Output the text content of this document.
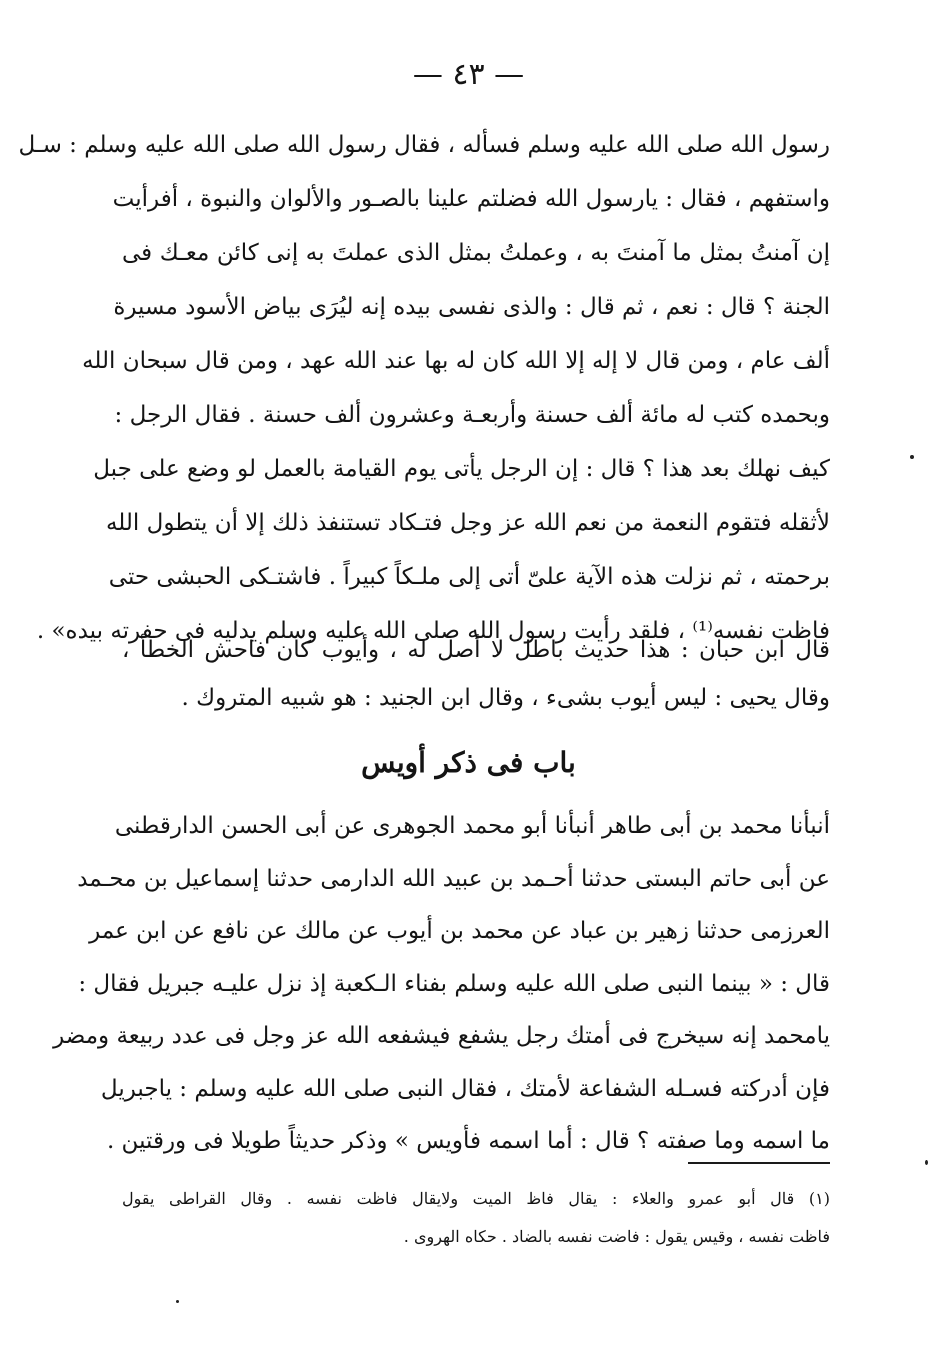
— ٤٣ —
رسول الله صلى الله عليه وسلم فسأله ، فقال رسول الله صلى الله عليه وسلم : سـل
واستفهم ، فقال : يارسول الله فضلتم علينا بالصـور والألوان والنبوة ، أفرأيت
إن آمنتُ بمثل ما آمنتَ به ، وعملتُ بمثل الذى عملتَ به إنى كائن معـك فى
الجنة ؟ قال : نعم ، ثم قال : والذى نفسى بيده إنه ليُرَى بياض الأسود مسيرة
ألف عام ، ومن قال لا إله إلا الله كان له بها عند الله عهد ، ومن قال سبحان الله
وبحمده كتب له مائة ألف حسنة وأربعـة وعشرون ألف حسنة . فقال الرجل :
كيف نهلك بعد هذا ؟ قال : إن الرجل يأتى يوم القيامة بالعمل لو وضع على جبل
لأثقله فتقوم النعمة من نعم الله عز وجل فتـكاد تستنفذ ذلك إلا أن يتطول الله
برحمته ، ثم نزلت هذه الآية علىّ أتى إلى ملـكاً كبيراً . فاشتـكى الحبشى حتى
فاظت نفسه⁽¹⁾ ، فلقد رأيت رسول الله صلى الله عليه وسلم يدليه فى حفرته بيده» .
قال ابن حبان : هذا حديث باطل لا أصل له ، وأيوب كان فاحش الخطأ ،
وقال يحيى : ليس أيوب بشىء ، وقال ابن الجنيد : هو شبيه المتروك .
باب فى ذكر أويس
أنبأنا محمد بن أبى طاهر أنبأنا أبو محمد الجوهرى عن أبى الحسن الدارقطنى
عن أبى حاتم البستى حدثنا أحـمد بن عبيد الله الدارمى حدثنا إسماعيل بن محـمد
العرزمى حدثنا زهير بن عباد عن محمد بن أيوب عن مالك عن نافع عن ابن عمر
قال : « بينما النبى صلى الله عليه وسلم بفناء الـكعبة إذ نزل عليـه جبريل فقال :
يامحمد إنه سيخرج فى أمتك رجل يشفع فيشفعه الله عز وجل فى عدد ربيعة ومضر
فإن أدركته فسـله الشفاعة لأمتك ، فقال النبى صلى الله عليه وسلم : ياجبريل
ما اسمه وما صفته ؟ قال : أما اسمه فأويس » وذكر حديثاً طويلا فى ورقتين .
(١) قال أبو عمرو والعلاء : يقال فاظ الميت ولايقال فاظت نفسه . وقال القراطى يقول
فاظت نفسه ، وقيس يقول : فاضت نفسه بالضاد . حكاه الهروى .
